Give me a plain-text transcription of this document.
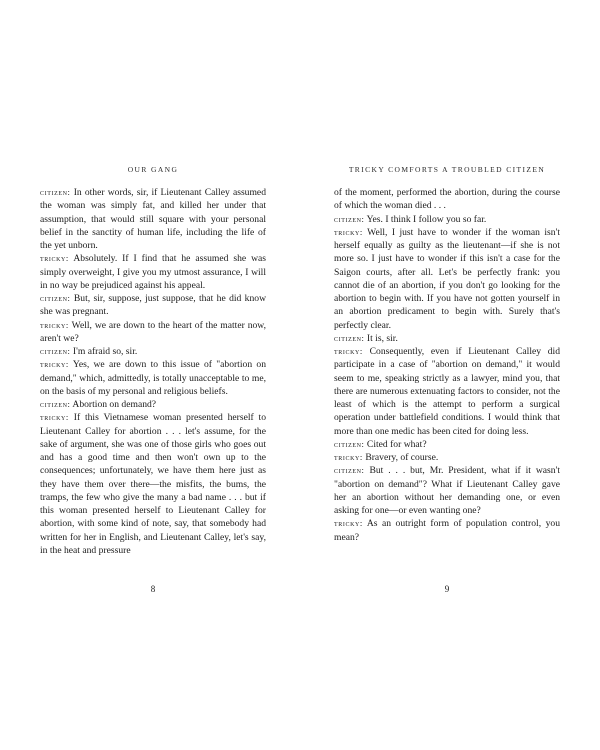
OUR GANG

citizen: In other words, sir, if Lieutenant Calley assumed the woman was simply fat, and killed her under that assumption, that would still square with your personal belief in the sanctity of human life, including the life of the yet unborn.

tricky: Absolutely. If I find that he assumed she was simply overweight, I give you my utmost assurance, I will in no way be prejudiced against his appeal.

citizen: But, sir, suppose, just suppose, that he did know she was pregnant.

tricky: Well, we are down to the heart of the matter now, aren't we?

citizen: I'm afraid so, sir.

tricky: Yes, we are down to this issue of "abortion on demand," which, admittedly, is totally unacceptable to me, on the basis of my personal and religious beliefs.

citizen: Abortion on demand?

tricky: If this Vietnamese woman presented herself to Lieutenant Calley for abortion . . . let's assume, for the sake of argument, she was one of those girls who goes out and has a good time and then won't own up to the consequences; unfortunately, we have them here just as they have them over there—the misfits, the bums, the tramps, the few who give the many a bad name . . . but if this woman presented herself to Lieutenant Calley for abortion, with some kind of note, say, that somebody had written for her in English, and Lieutenant Calley, let's say, in the heat and pressure

8
TRICKY COMFORTS A TROUBLED CITIZEN

of the moment, performed the abortion, during the course of which the woman died . . .

citizen: Yes. I think I follow you so far.

tricky: Well, I just have to wonder if the woman isn't herself equally as guilty as the lieutenant—if she is not more so. I just have to wonder if this isn't a case for the Saigon courts, after all. Let's be perfectly frank: you cannot die of an abortion, if you don't go looking for the abortion to begin with. If you have not gotten yourself in an abortion predicament to begin with. Surely that's perfectly clear.

citizen: It is, sir.

tricky: Consequently, even if Lieutenant Calley did participate in a case of "abortion on demand," it would seem to me, speaking strictly as a lawyer, mind you, that there are numerous extenuating factors to consider, not the least of which is the attempt to perform a surgical operation under battlefield conditions. I would think that more than one medic has been cited for doing less.

citizen: Cited for what?

tricky: Bravery, of course.

citizen: But . . . but, Mr. President, what if it wasn't "abortion on demand"? What if Lieutenant Calley gave her an abortion without her demanding one, or even asking for one—or even wanting one?

tricky: As an outright form of population control, you mean?

9
